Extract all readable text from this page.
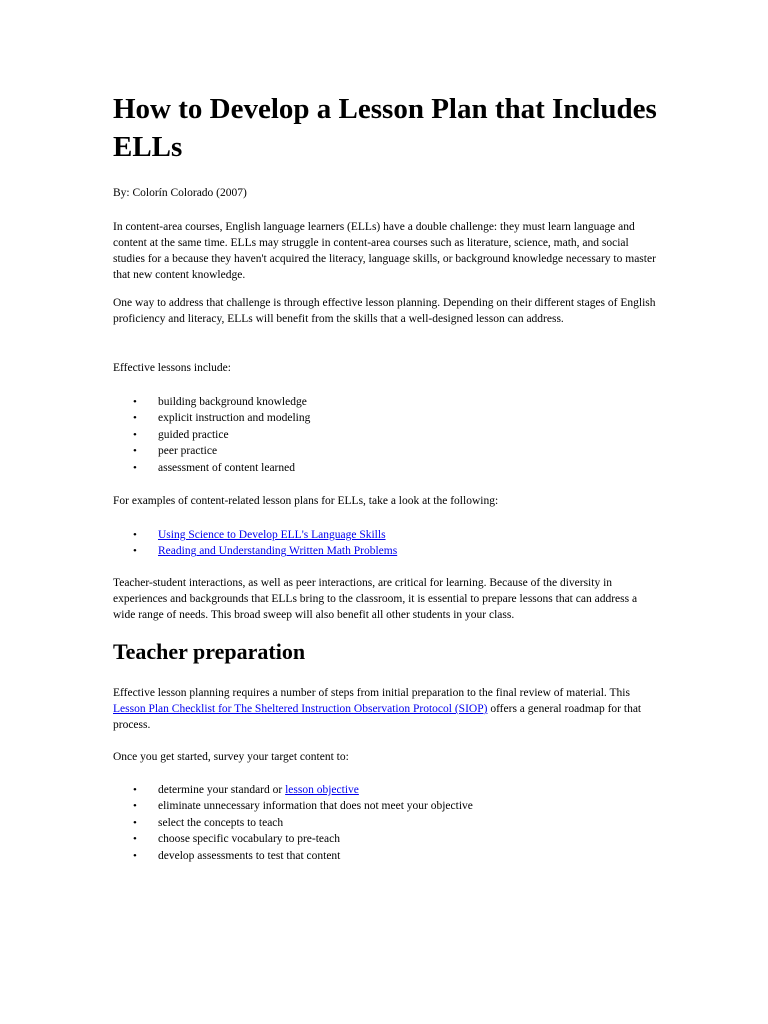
How to Develop a Lesson Plan that Includes ELLs

By: Colorín Colorado (2007)

In content-area courses, English language learners (ELLs) have a double challenge: they must learn language and content at the same time. ELLs may struggle in content-area courses such as literature, science, math, and social studies for a because they haven't acquired the literacy, language skills, or background knowledge necessary to master that new content knowledge.

One way to address that challenge is through effective lesson planning. Depending on their different stages of English proficiency and literacy, ELLs will benefit from the skills that a well-designed lesson can address.

Effective lessons include:

• building background knowledge
• explicit instruction and modeling
• guided practice
• peer practice
• assessment of content learned

For examples of content-related lesson plans for ELLs, take a look at the following:

• Using Science to Develop ELL's Language Skills
• Reading and Understanding Written Math Problems

Teacher-student interactions, as well as peer interactions, are critical for learning. Because of the diversity in experiences and backgrounds that ELLs bring to the classroom, it is essential to prepare lessons that can address a wide range of needs. This broad sweep will also benefit all other students in your class.

Teacher preparation

Effective lesson planning requires a number of steps from initial preparation to the final review of material. This Lesson Plan Checklist for The Sheltered Instruction Observation Protocol (SIOP) offers a general roadmap for that process.

Once you get started, survey your target content to:

• determine your standard or lesson objective
• eliminate unnecessary information that does not meet your objective
• select the concepts to teach
• choose specific vocabulary to pre-teach
• develop assessments to test that content
